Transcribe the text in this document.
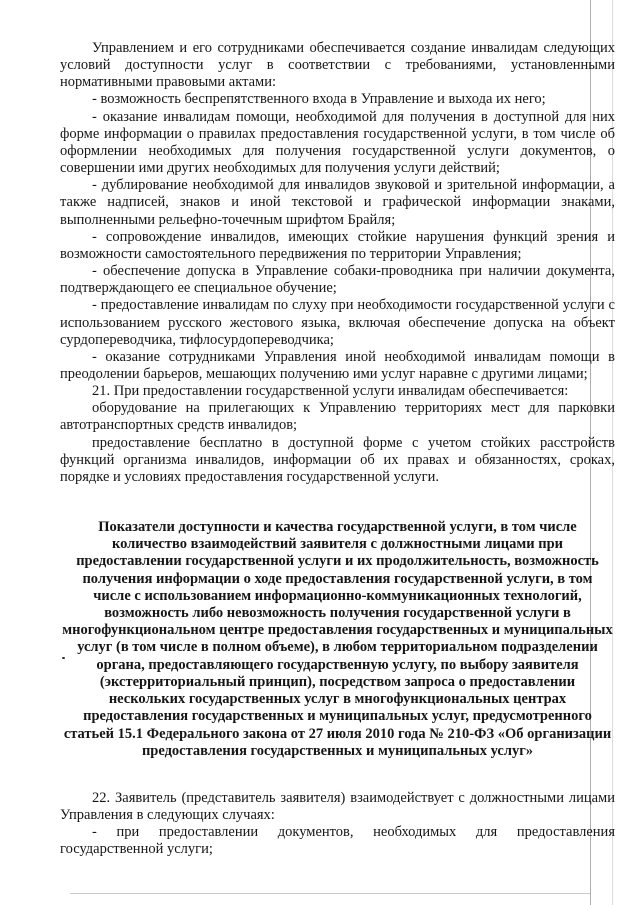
Управлением и его сотрудниками обеспечивается создание инвалидам следующих условий доступности услуг в соответствии с требованиями, установленными нормативными правовыми актами:

- возможность беспрепятственного входа в Управление и выхода их него;

- оказание инвалидам помощи, необходимой для получения в доступной для них форме информации о правилах предоставления государственной услуги, в том числе об оформлении необходимых для получения государственной услуги документов, о совершении ими других необходимых для получения услуги действий;

- дублирование необходимой для инвалидов звуковой и зрительной информации, а также надписей, знаков и иной текстовой и графической информации знаками, выполненными рельефно-точечным шрифтом Брайля;

- сопровождение инвалидов, имеющих стойкие нарушения функций зрения и возможности самостоятельного передвижения по территории Управления;

- обеспечение допуска в Управление собаки-проводника при наличии документа, подтверждающего ее специальное обучение;

- предоставление инвалидам по слуху при необходимости государственной услуги с использованием русского жестового языка, включая обеспечение допуска на объект сурдопереводчика, тифлосурдопереводчика;

- оказание сотрудниками Управления иной необходимой инвалидам помощи в преодолении барьеров, мешающих получению ими услуг наравне с другими лицами;

21. При предоставлении государственной услуги инвалидам обеспечивается:

оборудование на прилегающих к Управлению территориях мест для парковки автотранспортных средств инвалидов;

предоставление бесплатно в доступной форме с учетом стойких расстройств функций организма инвалидов, информации об их правах и обязанностях, сроках, порядке и условиях предоставления государственной услуги.

Показатели доступности и качества государственной услуги, в том числе количество взаимодействий заявителя с должностными лицами при предоставлении государственной услуги и их продолжительность, возможность получения информации о ходе предоставления государственной услуги, в том числе с использованием информационно-коммуникационных технологий, возможность либо невозможность получения государственной услуги в многофункциональном центре предоставления государственных и муниципальных услуг (в том числе в полном объеме), в любом территориальном подразделении органа, предоставляющего государственную услугу, по выбору заявителя (экстерриториальный принцип), посредством запроса о предоставлении нескольких государственных услуг в многофункциональных центрах предоставления государственных и муниципальных услуг, предусмотренного статьей 15.1 Федерального закона от 27 июля 2010 года № 210-ФЗ «Об организации предоставления государственных и муниципальных услуг»

22. Заявитель (представитель заявителя) взаимодействует с должностными лицами Управления в следующих случаях:

- при предоставлении документов, необходимых для предоставления государственной услуги;
